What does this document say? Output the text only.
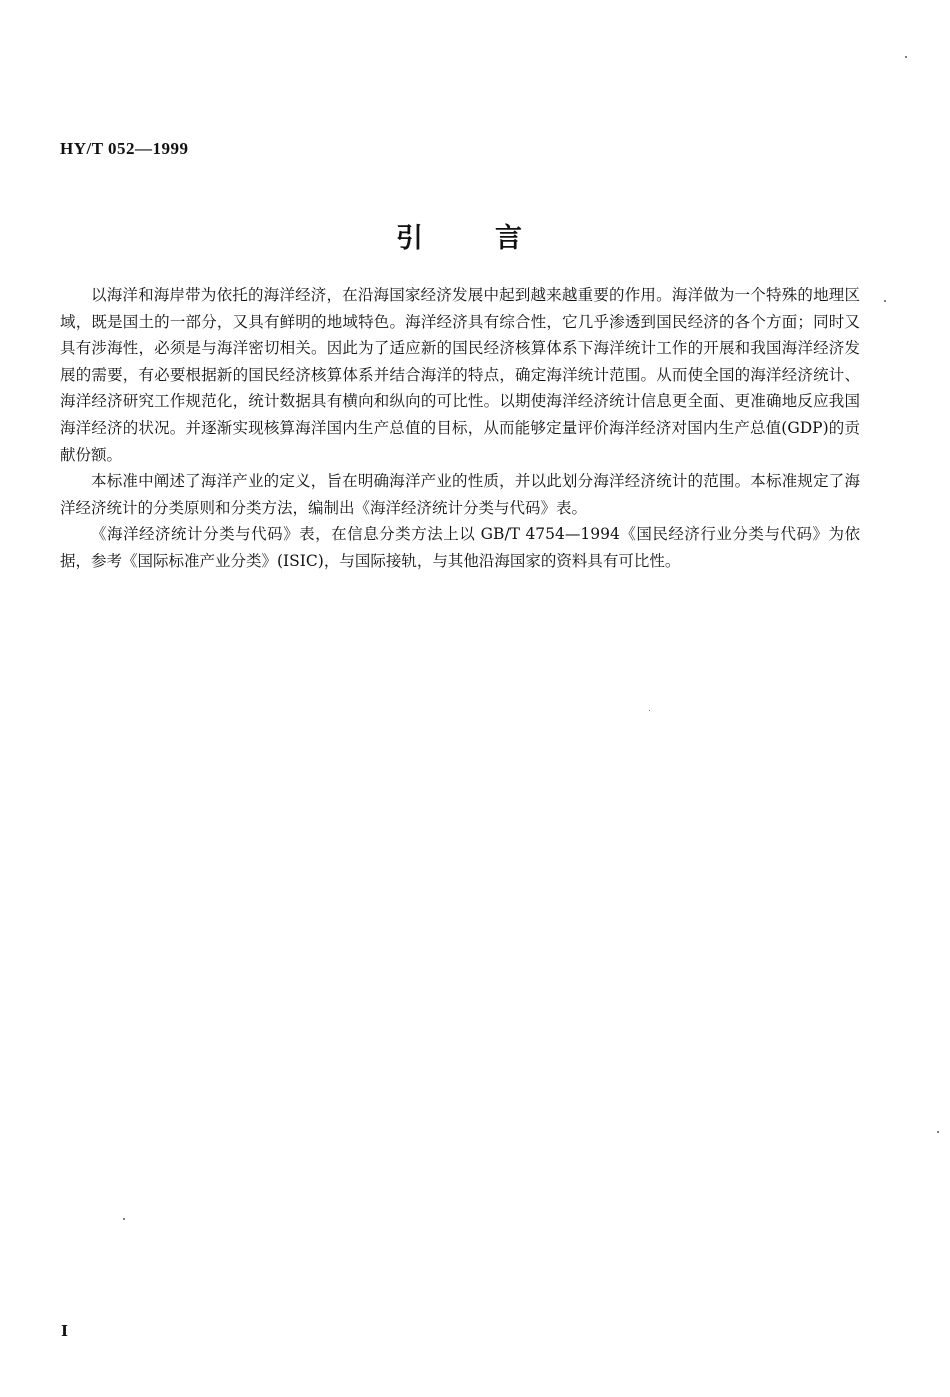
HY/T 052—1999
引	言

以海洋和海岸带为依托的海洋经济，在沿海国家经济发展中起到越来越重要的作用。海洋做为一个特殊的地理区域，既是国土的一部分，又具有鲜明的地域特色。海洋经济具有综合性，它几乎渗透到国民经济的各个方面；同时又具有涉海性，必须是与海洋密切相关。因此为了适应新的国民经济核算体系下海洋统计工作的开展和我国海洋经济发展的需要，有必要根据新的国民经济核算体系并结合海洋的特点，确定海洋统计范围。从而使全国的海洋经济统计、海洋经济研究工作规范化，统计数据具有横向和纵向的可比性。以期使海洋经济统计信息更全面、更准确地反应我国海洋经济的状况。并逐渐实现核算海洋国内生产总值的目标，从而能够定量评价海洋经济对国内生产总值(GDP)的贡献份额。

本标准中阐述了海洋产业的定义，旨在明确海洋产业的性质，并以此划分海洋经济统计的范围。本标准规定了海洋经济统计的分类原则和分类方法，编制出《海洋经济统计分类与代码》表。

《海洋经济统计分类与代码》表，在信息分类方法上以 GB/T 4754—1994《国民经济行业分类与代码》为依据，参考《国际标准产业分类》(ISIC)，与国际接轨，与其他沿海国家的资料具有可比性。

Ⅰ
